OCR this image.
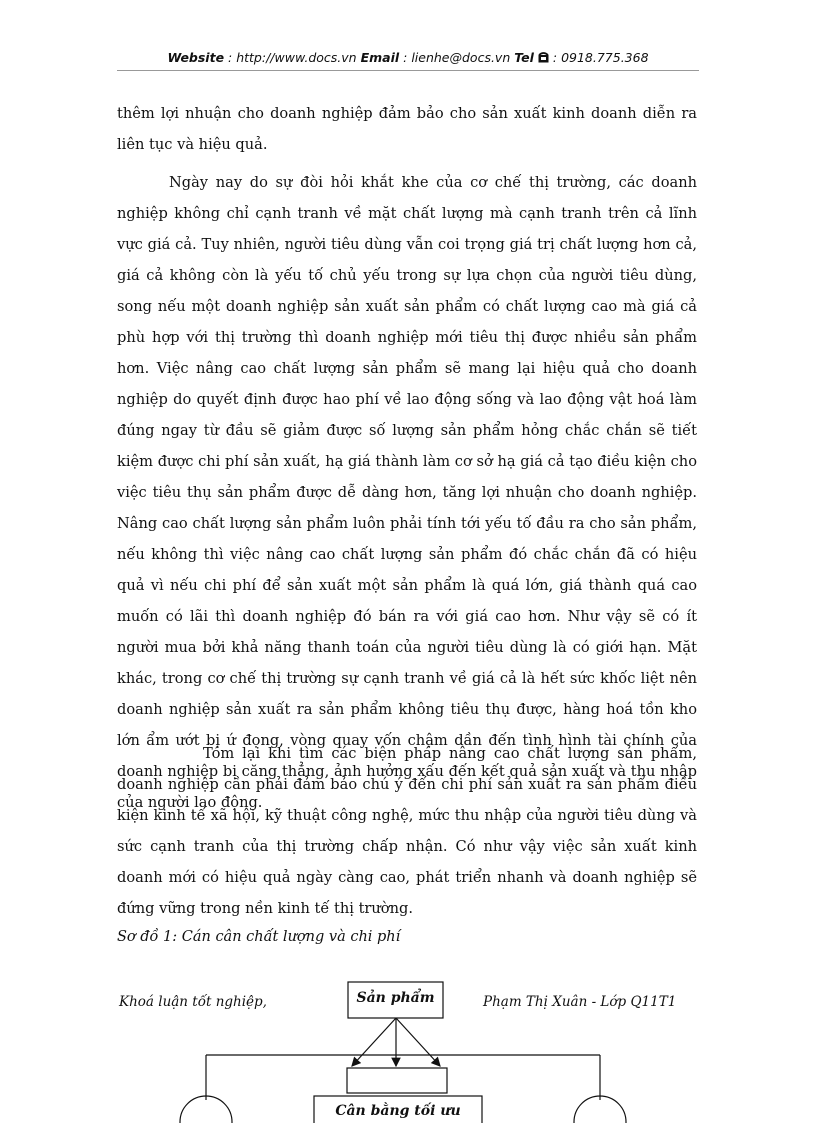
Website : http://www.docs.vn Email : lienhe@docs.vn Tel  : 0918.775.368

thêm lợi nhuận cho doanh nghiệp đảm bảo cho sản xuất kinh doanh diễn ra liên tục và hiệu quả.

Ngày nay do sự đòi hỏi khắt khe của cơ chế thị trường, các doanh nghiệp không chỉ cạnh tranh về mặt chất lượng mà cạnh tranh trên cả lĩnh vực giá cả. Tuy nhiên, người tiêu dùng vẫn coi trọng giá trị chất lượng hơn cả, giá cả không còn là yếu tố chủ yếu trong sự lựa chọn của người tiêu dùng, song nếu một doanh nghiệp sản xuất sản phẩm có chất lượng cao mà giá cả phù hợp với thị trường thì doanh nghiệp mới tiêu thị được nhiều sản phẩm hơn. Việc nâng cao chất lượng sản phẩm sẽ mang lại hiệu quả cho doanh nghiệp do quyết định được hao phí về lao động sống và lao động vật hoá làm đúng ngay từ đầu sẽ giảm được số lượng sản phẩm hỏng chắc chắn sẽ tiết kiệm được chi phí sản xuất, hạ giá thành làm cơ sở hạ giá cả tạo điều kiện cho việc tiêu thụ sản phẩm được dễ dàng hơn, tăng lợi nhuận cho doanh nghiệp. Nâng cao chất lượng sản phẩm luôn phải tính tới yếu tố đầu ra cho sản phẩm, nếu không thì việc nâng cao chất lượng sản phẩm đó chắc chắn đã có hiệu quả vì nếu chi phí để sản xuất một sản phẩm là quá lớn, giá thành quá cao muốn có lãi thì doanh nghiệp đó bán ra với giá cao hơn. Như vậy sẽ có ít người mua bởi khả năng thanh toán của người tiêu dùng là có giới hạn. Mặt khác, trong cơ chế thị trường sự cạnh tranh về giá cả là hết sức khốc liệt nên doanh nghiệp sản xuất ra sản phẩm không tiêu thụ được, hàng hoá tồn kho lớn ẩm ướt bị ứ đọng, vòng quay vốn chậm dần đến tình hình tài chính của doanh nghiệp bị căng thẳng, ảnh hưởng xấu đến kết quả sản xuất và thu nhập của người lao động.

Tóm lại khi tìm các biện pháp nâng cao chất lượng sản phẩm, doanh nghiệp cần phải đảm bảo chú ý đến chi phí sản xuất ra sản phẩm điều kiện kinh tế xã hội, kỹ thuật công nghệ, mức thu nhập của người tiêu dùng và sức cạnh tranh của thị trường chấp nhận. Có như vậy việc sản xuất kinh doanh mới có hiệu quả ngày càng cao, phát triển nhanh và doanh nghiệp sẽ đứng vững trong nền kinh tế thị trường.

Sơ đồ 1: Cán cân chất lượng và chi phí
Khoá luận tốt nghiệp,	Phạm Thị Xuân - Lớp Q11T1
Sản phẩm
Cân bằng tối ưu
